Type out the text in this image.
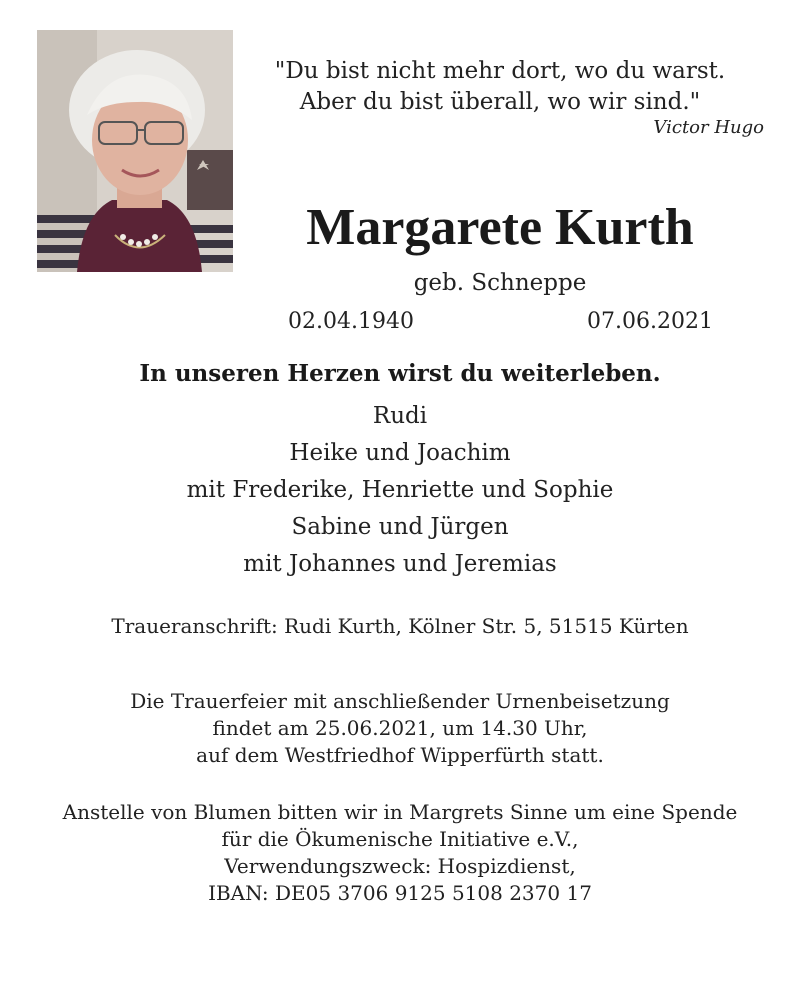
"Du bist nicht mehr dort, wo du warst.
Aber du bist überall, wo wir sind."
Victor Hugo
Margarete Kurth
geb. Schneppe
02.04.1940	07.06.2021
In unseren Herzen wirst du weiterleben.
Rudi
Heike und Joachim
mit Frederike, Henriette und Sophie
Sabine und Jürgen
mit Johannes und Jeremias
Traueranschrift: Rudi Kurth, Kölner Str. 5, 51515 Kürten
Die Trauerfeier mit anschließender Urnenbeisetzung
findet am 25.06.2021, um 14.30 Uhr,
auf dem Westfriedhof Wipperfürth statt.
Anstelle von Blumen bitten wir in Margrets Sinne um eine Spende
für die Ökumenische Initiative e.V.,
Verwendungszweck: Hospizdienst,
IBAN: DE05 3706 9125 5108 2370 17
